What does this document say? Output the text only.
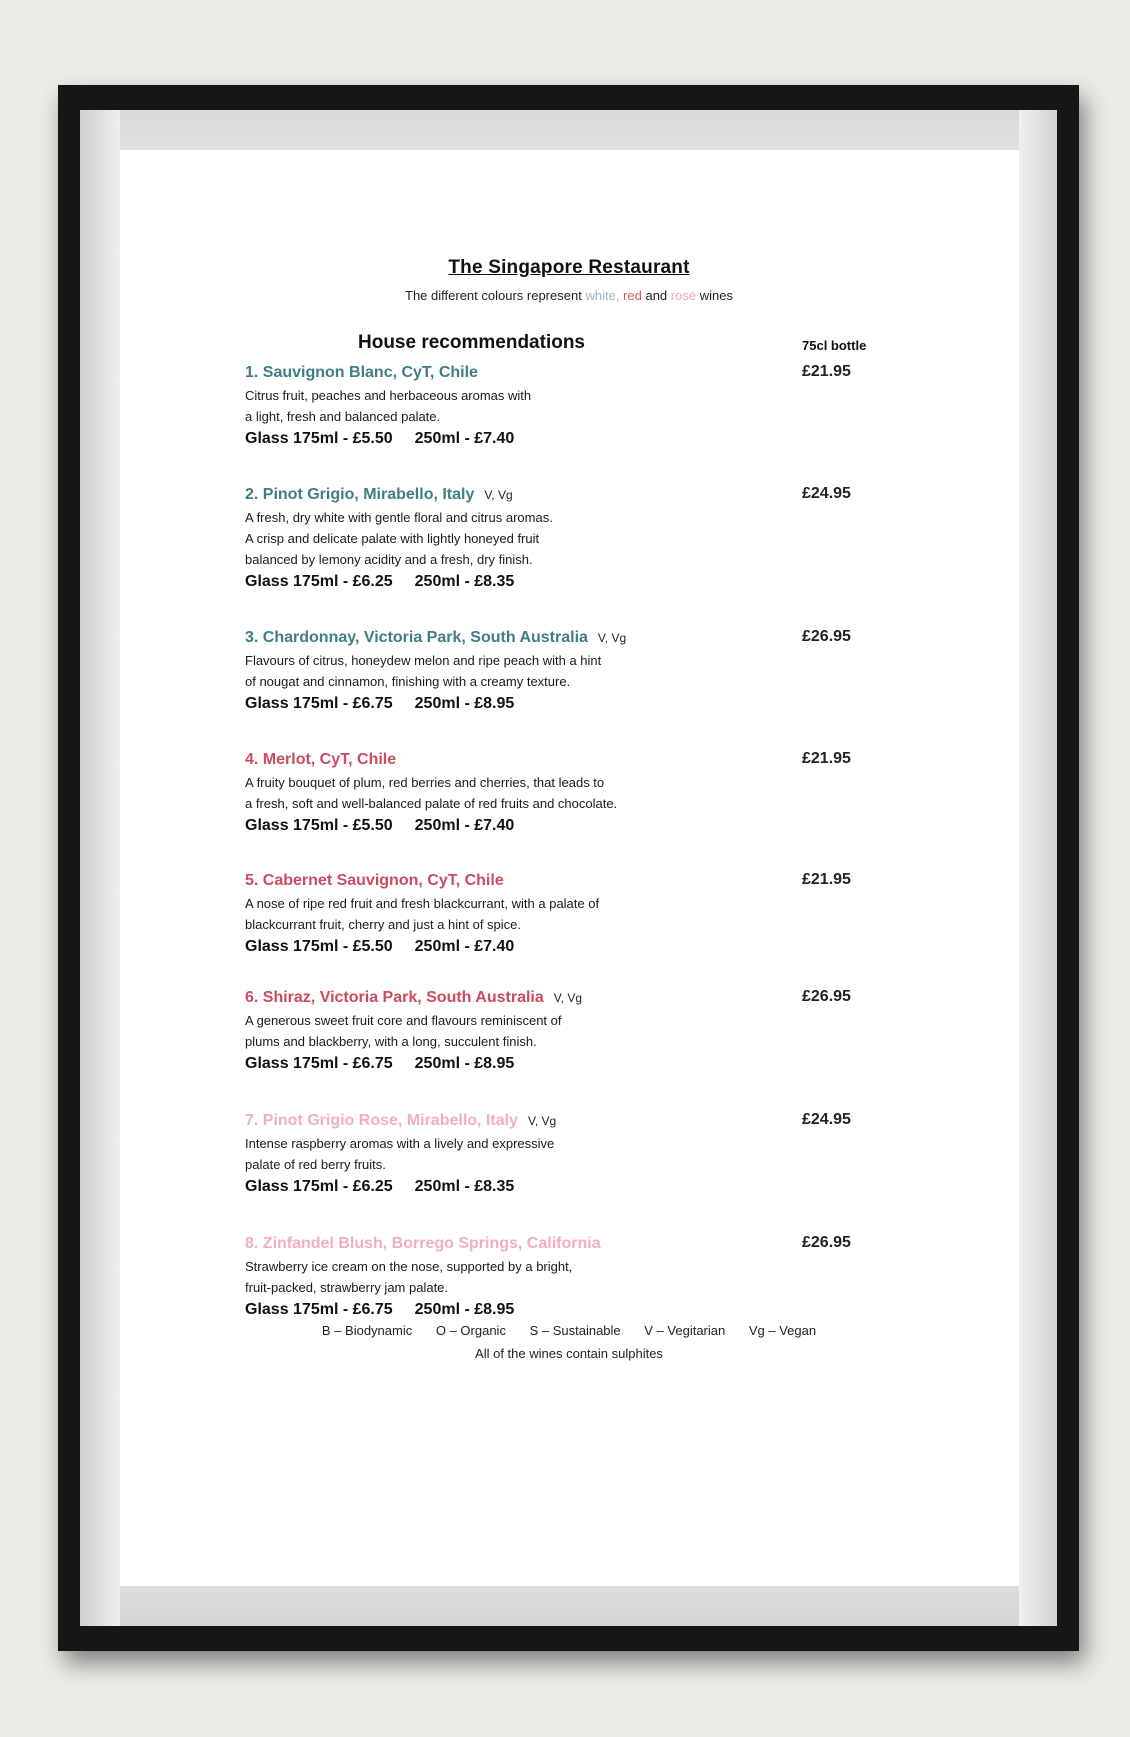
The Singapore Restaurant
The different colours represent white, red and rosé wines
House recommendations	75cl bottle
1. Sauvignon Blanc, CyT, Chile
Citrus fruit, peaches and herbaceous aromas with
a light, fresh and balanced palate.
Glass 175ml - £5.50 250ml - £7.40
£21.95
2. Pinot Grigio, Mirabello, Italy V, Vg
A fresh, dry white with gentle floral and citrus aromas.
A crisp and delicate palate with lightly honeyed fruit
balanced by lemony acidity and a fresh, dry finish.
Glass 175ml - £6.25 250ml - £8.35
£24.95
3. Chardonnay, Victoria Park, South Australia V, Vg
Flavours of citrus, honeydew melon and ripe peach with a hint
of nougat and cinnamon, finishing with a creamy texture.
Glass 175ml - £6.75 250ml - £8.95
£26.95
4. Merlot, CyT, Chile
A fruity bouquet of plum, red berries and cherries, that leads to
a fresh, soft and well-balanced palate of red fruits and chocolate.
Glass 175ml - £5.50 250ml - £7.40
£21.95
5. Cabernet Sauvignon, CyT, Chile
A nose of ripe red fruit and fresh blackcurrant, with a palate of
blackcurrant fruit, cherry and just a hint of spice.
Glass 175ml - £5.50 250ml - £7.40
£21.95
6. Shiraz, Victoria Park, South Australia V, Vg
A generous sweet fruit core and flavours reminiscent of
plums and blackberry, with a long, succulent finish.
Glass 175ml - £6.75 250ml - £8.95
£26.95
7. Pinot Grigio Rose, Mirabello, Italy V, Vg
Intense raspberry aromas with a lively and expressive
palate of red berry fruits.
Glass 175ml - £6.25 250ml - £8.35
£24.95
8. Zinfandel Blush, Borrego Springs, California
Strawberry ice cream on the nose, supported by a bright,
fruit-packed, strawberry jam palate.
Glass 175ml - £6.75 250ml - £8.95
£26.95
B – Biodynamic O – Organic S – Sustainable V – Vegitarian Vg – Vegan
All of the wines contain sulphites
